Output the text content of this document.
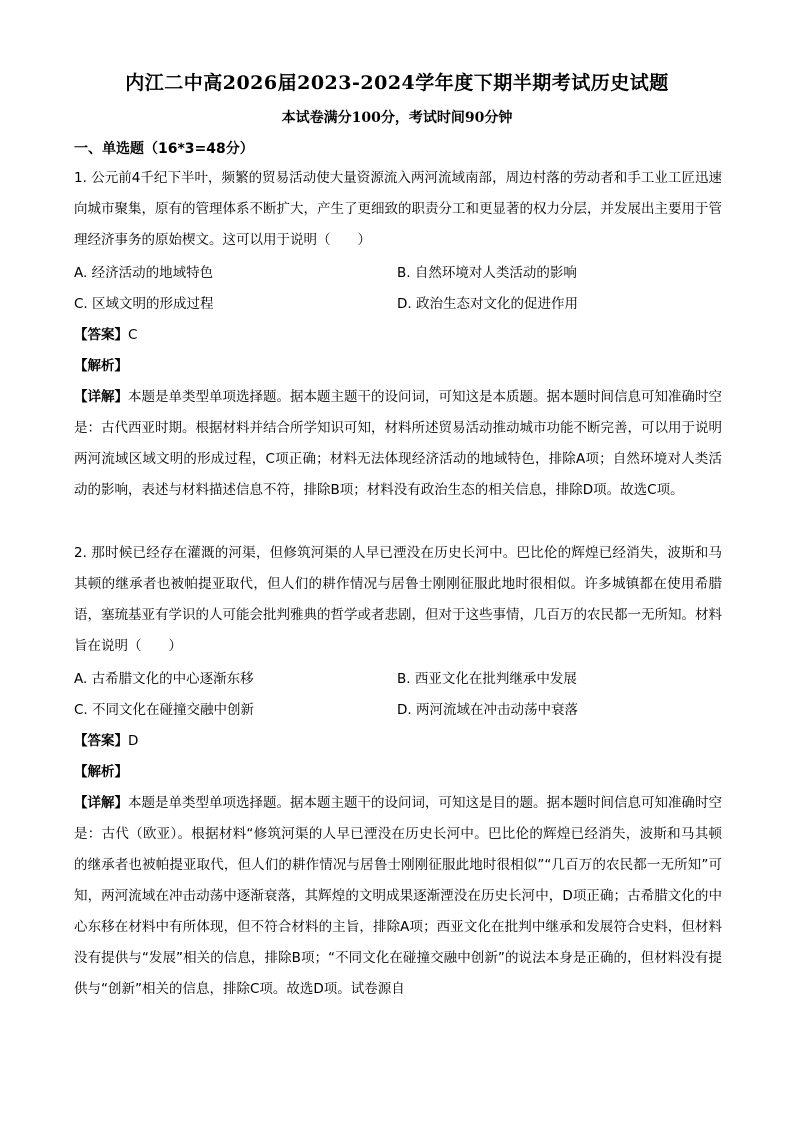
内江二中高2026届2023-2024学年度下期半期考试历史试题
本试卷满分100分，考试时间90分钟
一、单选题（16*3=48分）
1. 公元前4千纪下半叶，频繁的贸易活动使大量资源流入两河流域南部，周边村落的劳动者和手工业工匠迅速向城市聚集，原有的管理体系不断扩大，产生了更细致的职责分工和更显著的权力分层，并发展出主要用于管理经济事务的原始楔文。这可以用于说明（　　）
A. 经济活动的地域特色	B. 自然环境对人类活动的影响
C. 区域文明的形成过程	D. 政治生态对文化的促进作用
【答案】C
【解析】
【详解】本题是单类型单项选择题。据本题主题干的设问词，可知这是本质题。据本题时间信息可知准确时空是：古代西亚时期。根据材料并结合所学知识可知，材料所述贸易活动推动城市功能不断完善，可以用于说明两河流域区域文明的形成过程，C项正确；材料无法体现经济活动的地域特色，排除A项；自然环境对人类活动的影响，表述与材料描述信息不符，排除B项；材料没有政治生态的相关信息，排除D项。故选C项。
2. 那时候已经存在灌溉的河渠，但修筑河渠的人早已湮没在历史长河中。巴比伦的辉煌已经消失，波斯和马其顿的继承者也被帕提亚取代，但人们的耕作情况与居鲁士刚刚征服此地时很相似。许多城镇都在使用希腊语，塞琉基亚有学识的人可能会批判雅典的哲学或者悲剧，但对于这些事情，几百万的农民都一无所知。材料旨在说明（　　）
A. 古希腊文化的中心逐渐东移	B. 西亚文化在批判继承中发展
C. 不同文化在碰撞交融中创新	D. 两河流域在冲击动荡中衰落
【答案】D
【解析】
【详解】本题是单类型单项选择题。据本题主题干的设问词，可知这是目的题。据本题时间信息可知准确时空是：古代（欧亚）。根据材料“修筑河渠的人早已湮没在历史长河中。巴比伦的辉煌已经消失，波斯和马其顿的继承者也被帕提亚取代，但人们的耕作情况与居鲁士刚刚征服此地时很相似”“几百万的农民都一无所知”可知，两河流域在冲击动荡中逐渐衰落，其辉煌的文明成果逐渐湮没在历史长河中，D项正确；古希腊文化的中心东移在材料中有所体现，但不符合材料的主旨，排除A项；西亚文化在批判中继承和发展符合史料，但材料没有提供与“发展”相关的信息，排除B项；“不同文化在碰撞交融中创新”的说法本身是正确的，但材料没有提供与“创新”相关的信息，排除C项。故选D项。试卷源自
